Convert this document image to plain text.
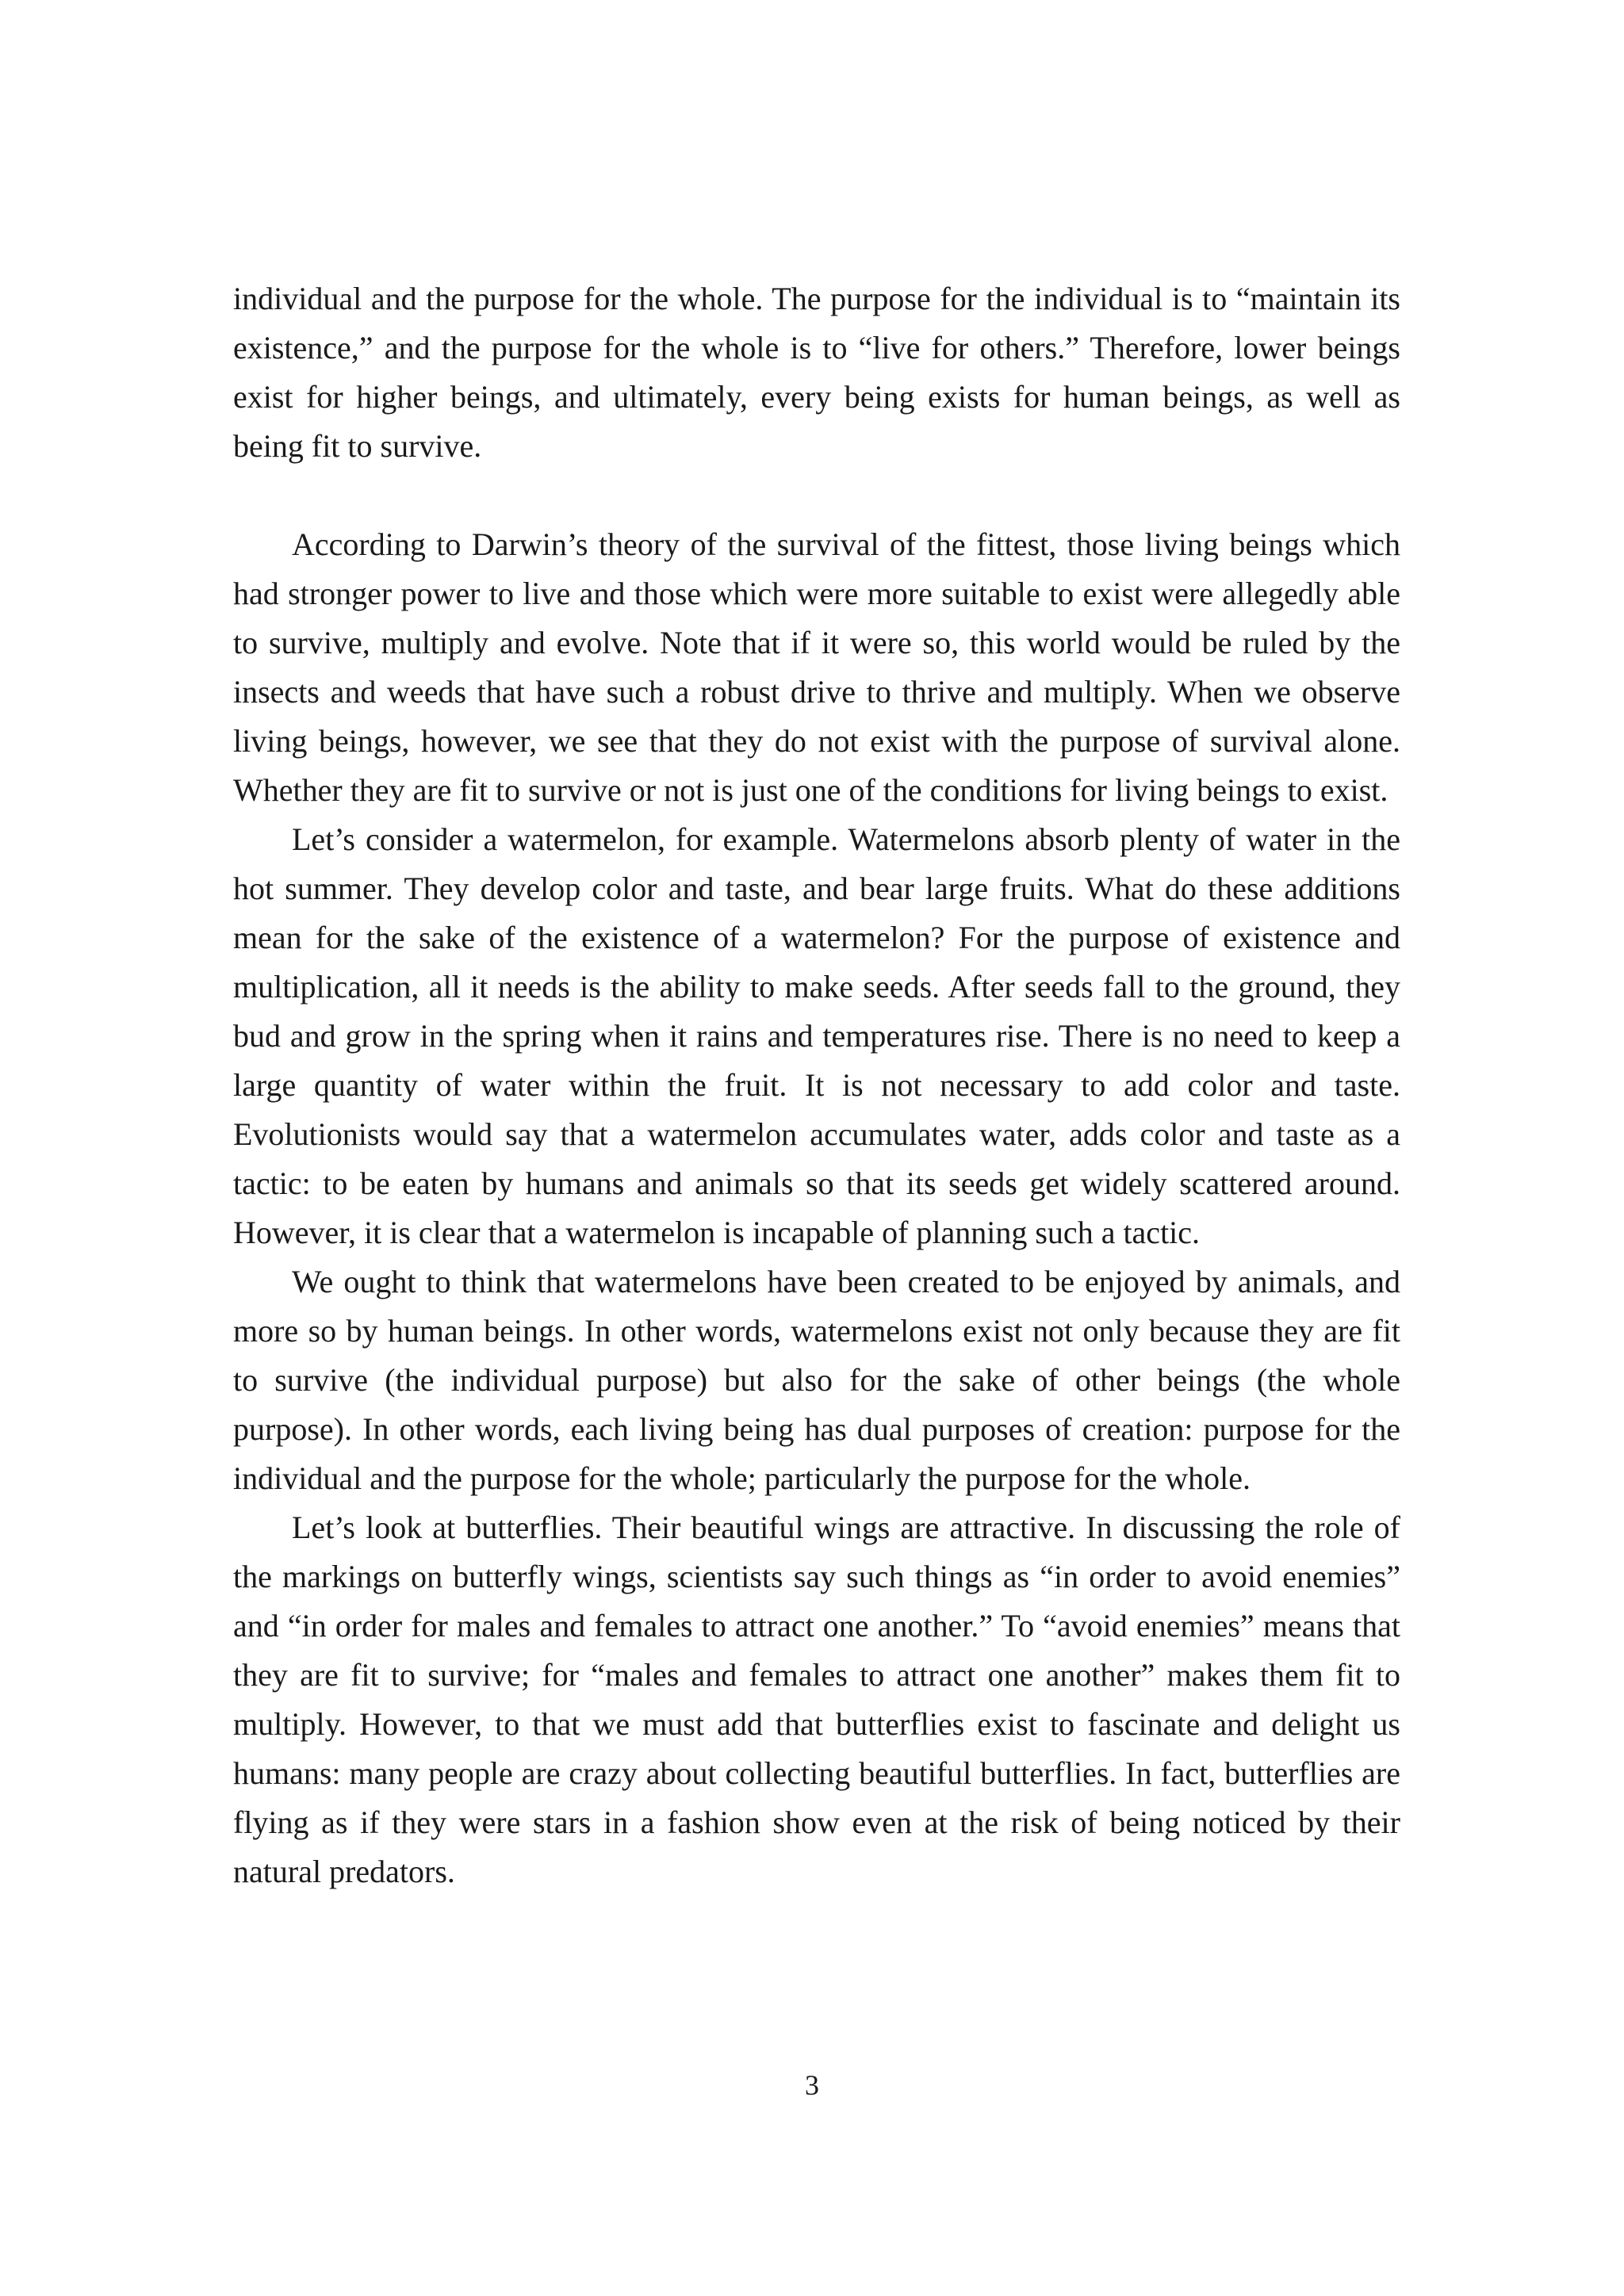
individual and the purpose for the whole. The purpose for the individual is to “maintain its existence,” and the purpose for the whole is to “live for others.” Therefore, lower beings exist for higher beings, and ultimately, every being exists for human beings, as well as being fit to survive.

According to Darwin’s theory of the survival of the fittest, those living beings which had stronger power to live and those which were more suitable to exist were allegedly able to survive, multiply and evolve. Note that if it were so, this world would be ruled by the insects and weeds that have such a robust drive to thrive and multiply. When we observe living beings, however, we see that they do not exist with the purpose of survival alone. Whether they are fit to survive or not is just one of the conditions for living beings to exist.

Let’s consider a watermelon, for example. Watermelons absorb plenty of water in the hot summer. They develop color and taste, and bear large fruits. What do these additions mean for the sake of the existence of a watermelon? For the purpose of existence and multiplication, all it needs is the ability to make seeds. After seeds fall to the ground, they bud and grow in the spring when it rains and temperatures rise. There is no need to keep a large quantity of water within the fruit. It is not necessary to add color and taste. Evolutionists would say that a watermelon accumulates water, adds color and taste as a tactic: to be eaten by humans and animals so that its seeds get widely scattered around. However, it is clear that a watermelon is incapable of planning such a tactic.

We ought to think that watermelons have been created to be enjoyed by animals, and more so by human beings. In other words, watermelons exist not only because they are fit to survive (the individual purpose) but also for the sake of other beings (the whole purpose). In other words, each living being has dual purposes of creation: purpose for the individual and the purpose for the whole; particularly the purpose for the whole.

Let’s look at butterflies. Their beautiful wings are attractive. In discussing the role of the markings on butterfly wings, scientists say such things as “in order to avoid enemies” and “in order for males and females to attract one another.” To “avoid enemies” means that they are fit to survive; for “males and females to attract one another” makes them fit to multiply. However, to that we must add that butterflies exist to fascinate and delight us humans: many people are crazy about collecting beautiful butterflies. In fact, butterflies are flying as if they were stars in a fashion show even at the risk of being noticed by their natural predators.

3
